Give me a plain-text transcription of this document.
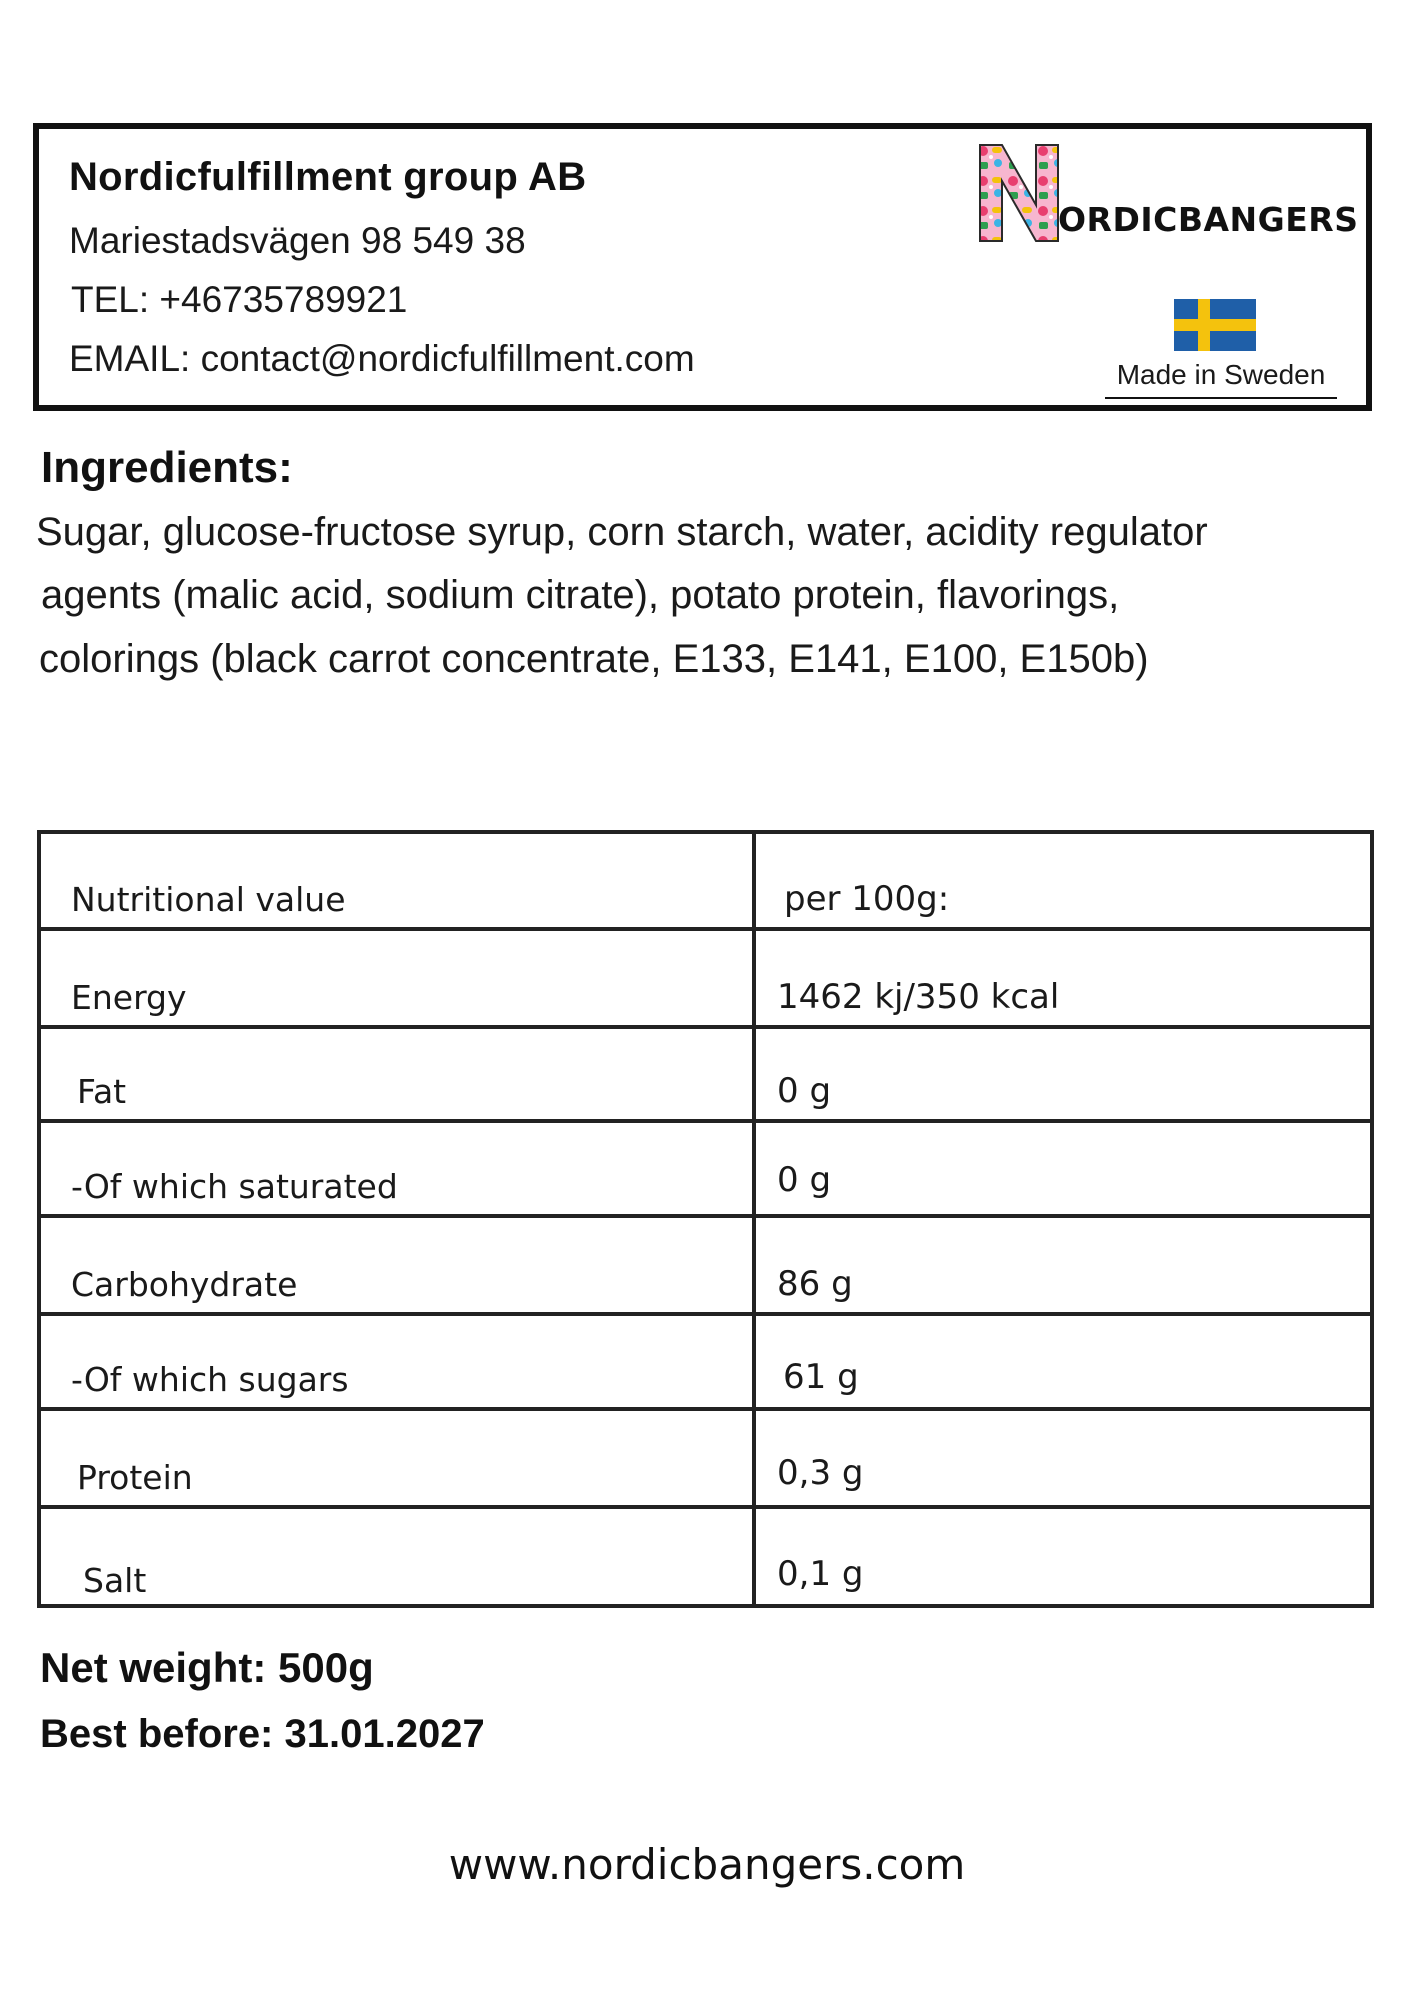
Nordicfulfillment group AB
Mariestadsvägen 98 549 38
TEL: +46735789921
EMAIL: contact@nordicfulfillment.com
ORDICBANGERS
Made in Sweden
Ingredients:
Sugar, glucose-fructose syrup, corn starch, water, acidity regulator
agents (malic acid, sodium citrate), potato protein, flavorings,
colorings (black carrot concentrate, E133, E141, E100, E150b)
Nutritional value	per 100g:
Energy	1462 kj/350 kcal
Fat	0 g
-Of which saturated	0 g
Carbohydrate	86 g
-Of which sugars	61 g
Protein	0,3 g
Salt	0,1 g
Net weight: 500g
Best before: 31.01.2027
www.nordicbangers.com
